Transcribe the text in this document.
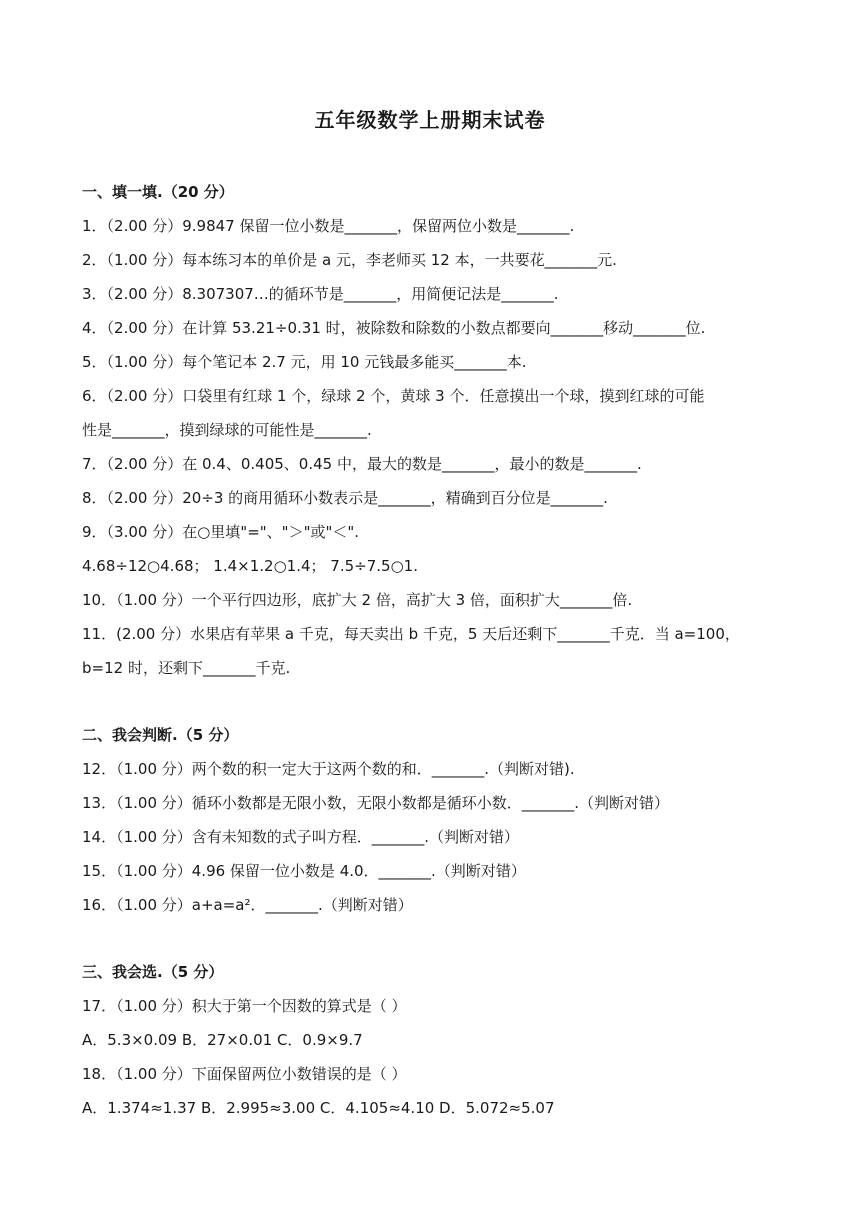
五年级数学上册期末试卷
一、填一填.（20 分）
1．（2.00 分）9.9847 保留一位小数是_______，保留两位小数是_______.
2．（1.00 分）每本练习本的单价是 a 元，李老师买 12 本，一共要花_______元.
3．（2.00 分）8.307307…的循环节是_______，用简便记法是_______.
4．（2.00 分）在计算 53.21÷0.31 时，被除数和除数的小数点都要向_______移动_______位.
5．（1.00 分）每个笔记本 2.7 元，用 10 元钱最多能买_______本.
6．（2.00 分）口袋里有红球 1 个，绿球 2 个，黄球 3 个．任意摸出一个球，摸到红球的可能
性是_______，摸到绿球的可能性是_______.
7．（2.00 分）在 0.4、0.405、0.45 中，最大的数是_______，最小的数是_______.
8．（2.00 分）20÷3 的商用循环小数表示是_______，精确到百分位是_______.
9．（3.00 分）在○里填"="、"＞"或"＜".
4.68÷12○4.68； 1.4×1.2○1.4； 7.5÷7.5○1.
10．（1.00 分）一个平行四边形，底扩大 2 倍，高扩大 3 倍，面积扩大_______倍.
11．(2.00 分）水果店有苹果 a 千克，每天卖出 b 千克，5 天后还剩下_______千克．当 a=100，
b=12 时，还剩下_______千克.
二、我会判断.（5 分）
12．（1.00 分）两个数的积一定大于这两个数的和．_______.（判断对错).
13．（1.00 分）循环小数都是无限小数，无限小数都是循环小数．_______.（判断对错）
14．（1.00 分）含有未知数的式子叫方程．_______.（判断对错）
15．（1.00 分）4.96 保留一位小数是 4.0．_______.（判断对错）
16．（1.00 分）a+a=a²．_______.（判断对错）
三、我会选.（5 分）
17．（1.00 分）积大于第一个因数的算式是（ ）
A．5.3×0.09 B．27×0.01 C．0.9×9.7
18．（1.00 分）下面保留两位小数错误的是（ ）
A．1.374≈1.37 B．2.995≈3.00 C．4.105≈4.10 D．5.072≈5.07
